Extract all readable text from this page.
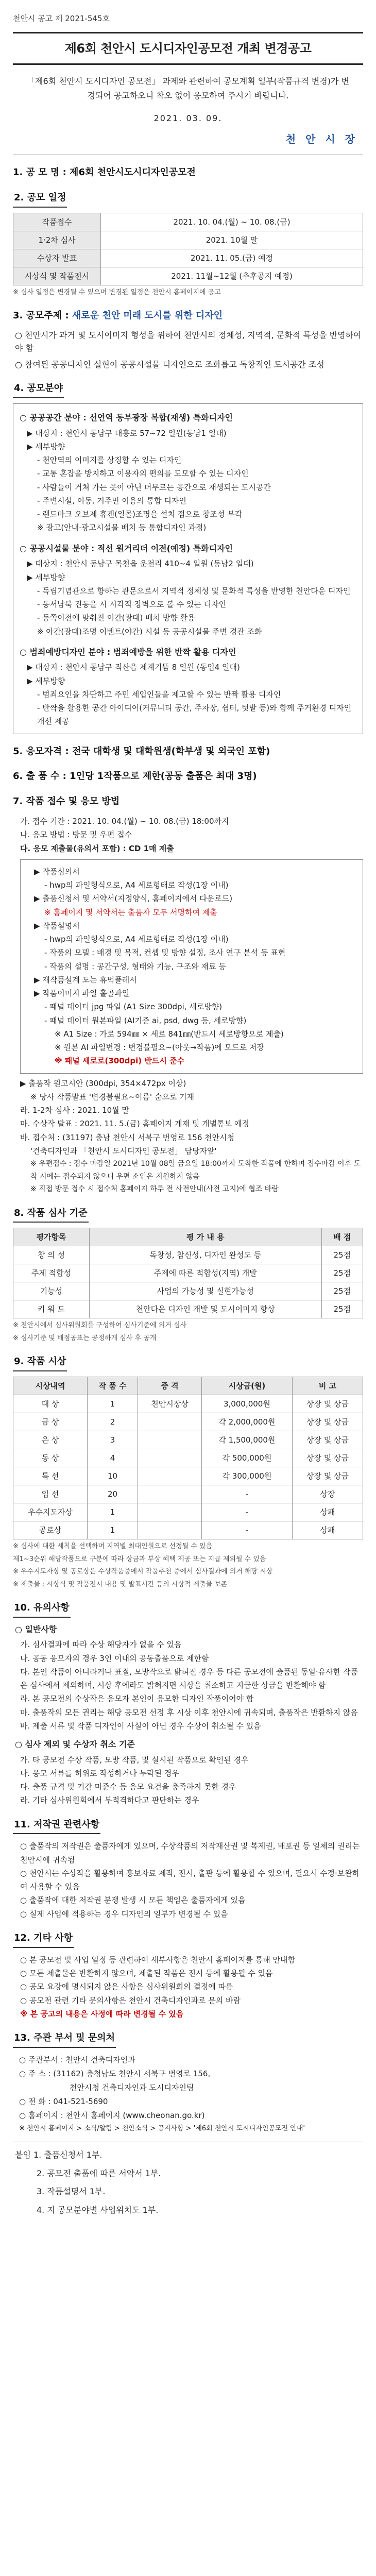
천안시 공고 제 2021-545호
제6회 천안시 도시디자인공모전 개최 변경공고
「제6회 천안시 도시디자인 공모전」 과제와 관련하여 공모계획 일부(작품규격 변경)가 변경되어 공고하오니 착오 없이 응모하여 주시기 바랍니다.
2021. 03. 09.
천 안 시 장
1. 공 모 명 : 제6회 천안시도시디자인공모전
2. 공모 일정
작품접수	2021. 10. 04.(월) ~ 10. 08.(금)
1·2차 심사	2021. 10월 말
수상자 발표	2021. 11. 05.(금) 예정
시상식 및 작품전시	2021. 11월~12월 (추후공지 예정)
※ 심사 일정은 변경될 수 있으며 변경된 일정은 천안시 홈페이지에 공고
3. 공모주제 : 새로운 천안 미래 도시를 위한 디자인
○ 천안시가 과거 및 도시이미지 형성을 위하여 천안시의 정체성, 지역적, 문화적 특성을 반영하여야 함
○ 참여된 공공디자인 실현이 공공시설물 디자인으로 조화롭고 독창적인 도시공간 조성
4. 공모분야
○ 공공공간 분야 : 선연역 동부광장 복합(재생) 특화디자인
▶ 대상지 : 천안시 동남구 대흥로 57~72 일원(동남1 일대)
▶ 세부방향
- 천안역의 이미지를 상징할 수 있는 디자인
- 교통 혼잡을 방지하고 이용자의 편의를 도모할 수 있는 디자인
- 사람들이 거쳐 가는 곳이 아닌 머무르는 공간으로 재생되는 도시공간
- 주변시설, 이동, 거주민 이용의 통합 디자인
- 랜드마크 오브제 휴겐(일몰)조명을 설치 점으로 창조성 부각
※ 광고(안내·광고시설물 배치 등 통합디자인 과정)
○ 공공시설물 분야 : 적선 원거리더 이전(예정) 특화디자인
▶ 대상지 : 천안시 동남구 목천읍 운전리 410~4 일원 (동남2 일대)
▶ 세부방향
- 독립기념관으로 향하는 관문으로서 지역적 정체성 및 문화적 특성을 반영한 천안다운 디자인
- 동서남북 진동을 시 시각적 장벽으로 볼 수 있는 디자인
- 동쪽이전에 맞춰진 이간(광대) 배치 방향 활용
※ 아간(광대)조명 이벤트(야간) 시설 등 공공시설물 주변 경관 조화
○ 범죄예방디자인 분야 : 범죄예방을 위한 반짝 활용 디자인
▶ 대상지 : 천안시 동남구 직산읍 제계기뜸 8 일원 (동입4 일대)
▶ 세부방향
- 범죄요인을 차단하고 주민 세입인들을 제고할 수 있는 반짝 활용 디자인
- 반짝을 활용한 공간 아이디어(커뮤니티 공간, 주차장, 쉼터, 텃밭 등)와 함께 주거환경 디자인 개선 제공
5. 응모자격 : 전국 대학생 및 대학원생(학부생 및 외국인 포함)
6. 출 품 수 : 1인당 1작품으로 제한(공동 출품은 최대 3명)
7. 작품 접수 및 응모 방법
가. 접수 기간 : 2021. 10. 04.(월) ~ 10. 08.(금) 18:00까지
나. 응모 방법 : 방문 및 우편 접수
다. 응모 제출물(유의서 포함) : CD 1매 제출
▶ 작품심의서
- hwp의 파일형식으로, A4 세로형태로 작성(1장 이내)
▶ 출품신청서 및 서약서(지정양식, 홈페이지에서 다운로드)
※ 홈페이지 및 서약서는 출품자 모두 서명하여 제출
▶ 작품설명서
- hwp의 파일형식으로, A4 세로형태로 작성(1장 이내)
- 작품의 모델 : 배경 및 목적, 컨셉 및 방향 설정, 조사 연구 분석 등 표현
- 작품의 설명 : 공간구성, 형태와 기능, 구조와 재료 등
▶ 재작품설계 도는 휴먹플레서
▶ 작품이미지 파일 홀골파일
- 패널 데이터 jpg 파일 (A1 Size 300dpi, 세로방향)
- 패널 데이터 원본파일 (AI기준 ai, psd, dwg 등, 세로방향)
※ A1 Size : 가로 594㎜ × 세로 841㎜(반드시 세로방향으로 제출)
※ 원본 AI 파일변경 : 변경불필요~(아웃→작품)에 모드로 저장
※ 패널 세로로(300dpi) 반드시 준수
▶ 출품작 원고시안 (300dpi, 354×472px 이상)
※ 당사 작품발표 '변경불필요~이름' 순으로 기재
라. 1-2차 심사 : 2021. 10월 말
마. 수상작 발표 : 2021. 11. 5.(금) 홈페이지 게재 및 개별통보 예정
바. 접수처 : (31197) 충남 천안시 서북구 번영로 156 천안시청
'건축디자인과 「천안시 도시디자인 공모전」 담당자앞'
※ 우편접수 : 접수 마감일 2021년 10월 08일 금요일 18:00까지 도착한 작품에 한하며 접수마감 이후 도착 시에는 접수되지 않으니 우편 소인은 지원하지 않음
※ 직접 방문 접수 시 접수처 홈페이지 하루 전 사전안내(사전 고지)에 협조 바람
8. 작품 심사 기준
평가항목	평 가 내 용	배 점
창 의 성	독창성, 참신성, 디자인 완성도 등	25점
주제 적합성	주제에 따른 적합성(지역) 개발	25점
기능성	사업의 가능성 및 실현가능성	25점
키 워 드	천안다운 디자인 개발 및 도시이미지 향상	25점
※ 천안시에서 심사위원회를 구성하여 심사기준에 의거 심사
※ 심사기준 및 배점공표는 공정하게 심사 후 공개
9. 작품 시상
시상내역	작 품 수	증 격	시상금(원)	비 고
대 상	1	천안시장상	3,000,000원	상장 및 상금
금 상	2		각 2,000,000원	상장 및 상금
은 상	3		각 1,500,000원	상장 및 상금
동 상	4		각 500,000원	상장 및 상금
특 선	10		각 300,000원	상장 및 상금
입 선	20		-	상장
우수지도자상	1		-	상패
공로상	1		-	상패
※ 심사에 대한 세칙을 선택하며 지역별 최대인원으로 선정될 수 있음
제1~3순위 해당작품으로 구분에 따라 상금과 부상 혜택 제공 또는 지급 제외될 수 있음
※ 우수지도자상 및 공로상은 수상작품중에서 작품추천 중에서 심사결과에 의거 해당 시상
※ 제출물 : 시상식 및 작품전시 내용 및 발표시간 등의 시상적 제출물 보존
10. 유의사항
○ 일반사항
가. 심사결과에 따라 수상 해당자가 없을 수 있음
나. 공동 응모자의 경우 3인 이내의 공동출품으로 제한함
다. 본인 작품이 아니라거나 표절, 모방작으로 밝혀진 경우 등 다른 공모전에 출품된 동일·유사한 작품은 심사에서 제외하며, 시상 후에라도 밝혀지면 시상을 취소하고 지급한 상금을 반환해야 함
라. 본 공모전의 수상작은 응모자 본인이 응모한 디자인 작품이어야 함
마. 출품작의 모든 권리는 해당 공모전 선정 후 시상 이후 천안시에 귀속되며, 출품작은 반환하지 않음
바. 제출 서류 및 작품 디자인이 사실이 아닌 경우 수상이 취소될 수 있음
○ 심사 제외 및 수상자 취소 기준
가. 타 공모전 수상 작품, 모방 작품, 및 실시된 작품으로 확인된 경우
나. 응모 서류를 허위로 작성하거나 누락된 경우
다. 출품 규격 및 기간 미준수 등 응모 요건을 충족하지 못한 경우
라. 기타 심사위원회에서 부적격하다고 판단하는 경우
11. 저작권 관련사항
○ 출품작의 저작권은 출품자에게 있으며, 수상작품의 저작재산권 및 복제권, 배포권 등 일체의 권리는 천안시에 귀속됨
○ 천안시는 수상작을 활용하여 홍보자료 제작, 전시, 출판 등에 활용할 수 있으며, 필요시 수정·보완하여 사용할 수 있음
○ 출품작에 대한 저작권 분쟁 발생 시 모든 책임은 출품자에게 있음
○ 실제 사업에 적용하는 경우 디자인의 일부가 변경될 수 있음
12. 기타 사항
○ 본 공모전 및 사업 일정 등 관련하여 세부사항은 천안시 홈페이지를 통해 안내함
○ 모든 제출물은 반환하지 않으며, 제출된 작품은 전시 등에 활용될 수 있음
○ 공모 요강에 명시되지 않은 사항은 심사위원회의 결정에 따름
○ 공모전 관련 기타 문의사항은 천안시 건축디자인과로 문의 바람
※ 본 공고의 내용은 사정에 따라 변경될 수 있음
13. 주관 부서 및 문의처
○ 주관부서 : 천안시 건축디자인과
○ 주 소 : (31162) 충청남도 천안시 서북구 번영로 156,
천안시청 건축디자인과 도시디자인팀
○ 전 화 : 041-521-5690
○ 홈페이지 : 천안시 홈페이지 (www.cheonan.go.kr)
※ 천안시 홈페이지 > 소식/알림 > 천안소식 > 공지사항 > '제6회 천안시 도시디자인공모전 안내'
붙임 1. 출품신청서 1부.
2. 공모전 출품에 따른 서약서 1부.
3. 작품설명서 1부.
4. 지 공모분야별 사업위치도 1부.
